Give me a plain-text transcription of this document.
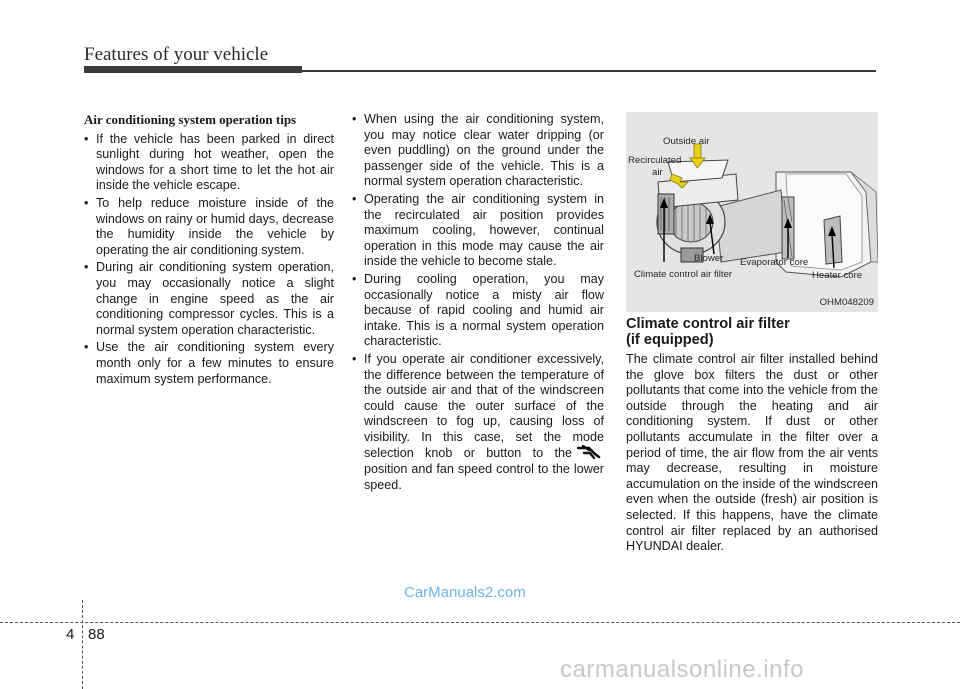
Features of your vehicle

Air conditioning system operation tips

• If the vehicle has been parked in direct sunlight during hot weather, open the windows for a short time to let the hot air inside the vehicle escape.
• To help reduce moisture inside of the windows on rainy or humid days, decrease the humidity inside the vehicle by operating the air conditioning system.
• During air conditioning system operation, you may occasionally notice a slight change in engine speed as the air conditioning compressor cycles. This is a normal system operation characteristic.
• Use the air conditioning system every month only for a few minutes to ensure maximum system performance.
• When using the air conditioning system, you may notice clear water dripping (or even puddling) on the ground under the passenger side of the vehicle. This is a normal system operation characteristic.
• Operating the air conditioning system in the recirculated air position provides maximum cooling, however, continual operation in this mode may cause the air inside the vehicle to become stale.
• During cooling operation, you may occasionally notice a misty air flow because of rapid cooling and humid air intake. This is a normal system operation characteristic.
• If you operate air conditioner excessively, the difference between the temperature of the outside air and that of the windscreen could cause the outer surface of the windscreen to fog up, causing loss of visibility. In this case, set the mode selection knob or button to theposition and fan speed control to the lower speed.
Outside air
Recirculated
air
Blower Evaporator core
Climate control air filter	Heater core
OHM048209
Climate control air filter
(if equipped)

The climate control air filter installed behind the glove box filters the dust or other pollutants that come into the vehicle from the outside through the heating and air conditioning system. If dust or other pollutants accumulate in the filter over a period of time, the air flow from the air vents may decrease, resulting in moisture accumulation on the inside of the windscreen even when the outside (fresh) air position is selected. If this happens, have the climate control air filter replaced by an authorised HYUNDAI dealer.

CarManuals2.com
4 88
carmanualsonline.info
